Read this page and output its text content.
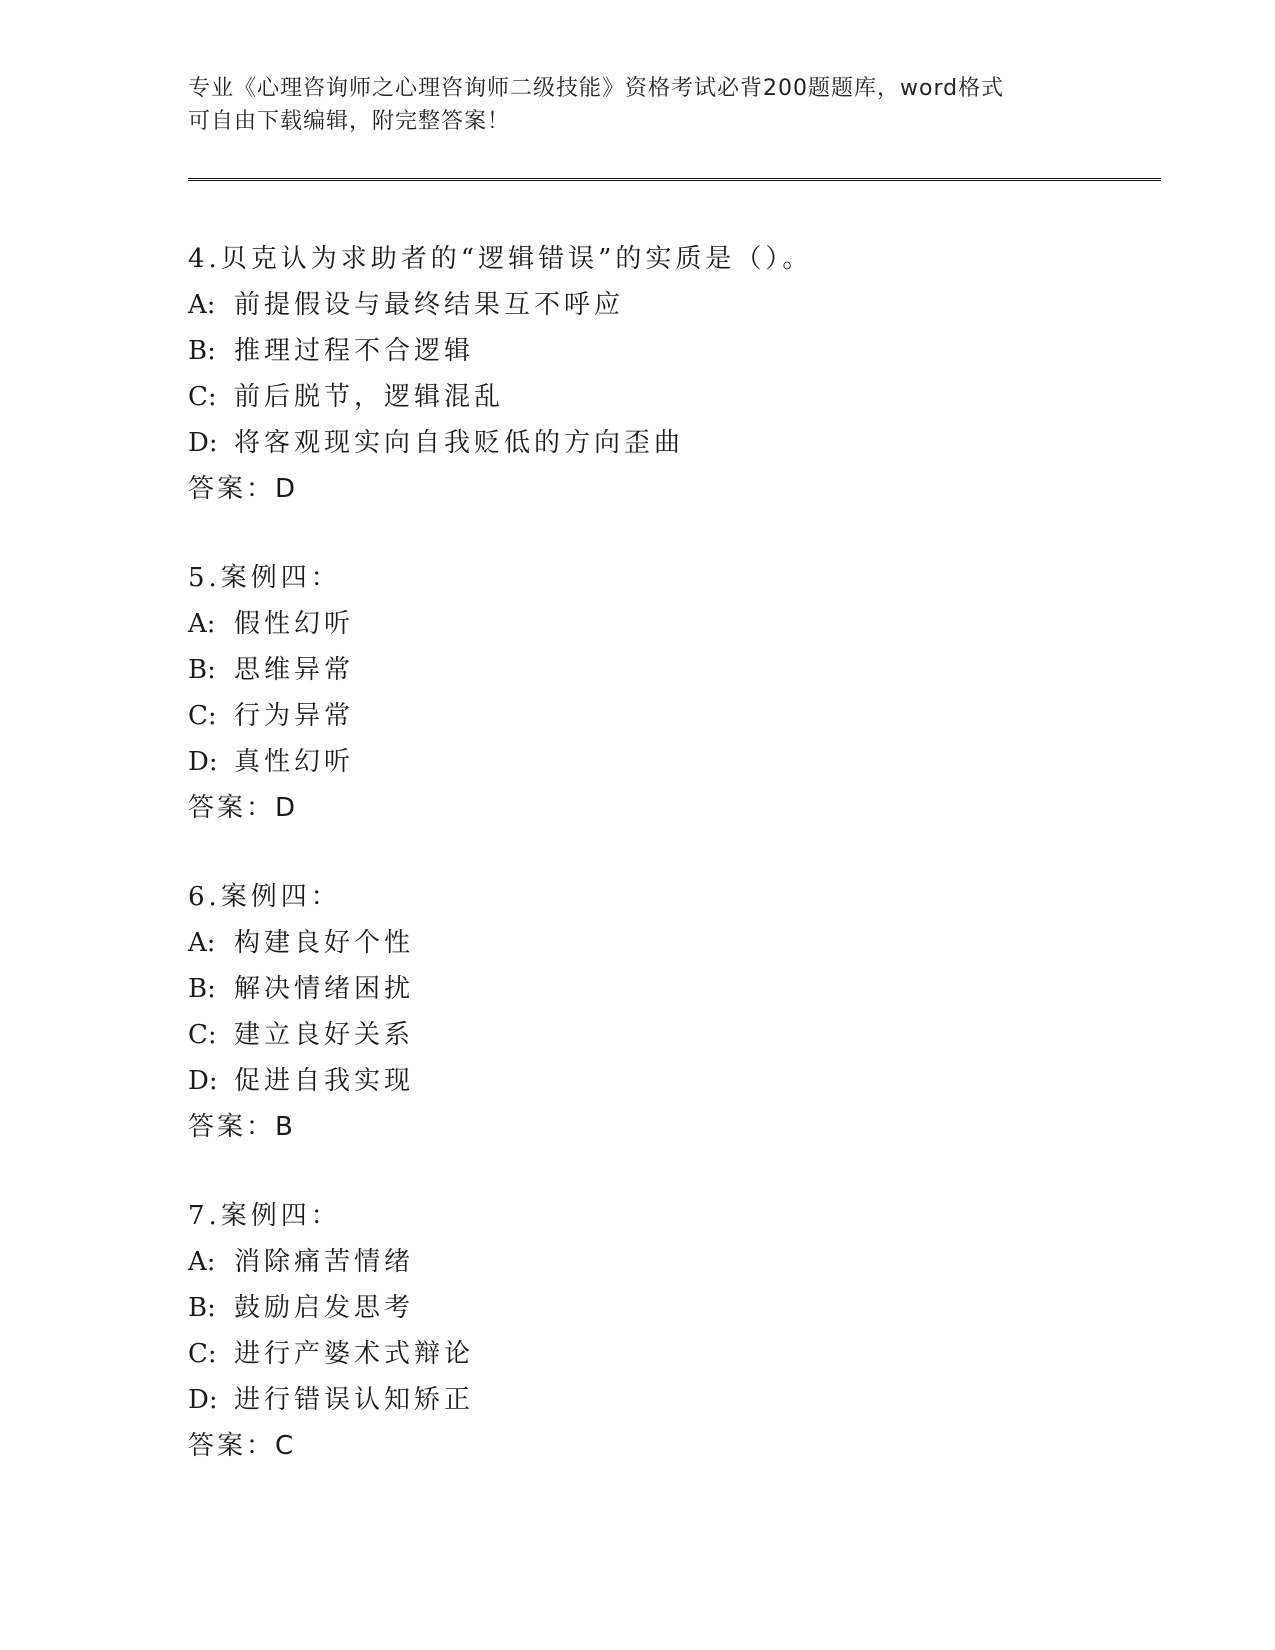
专业《心理咨询师之心理咨询师二级技能》资格考试必背200题题库，word格式
可自由下载编辑，附完整答案！
4.贝克认为求助者的“逻辑错误”的实质是（）。
A: 前提假设与最终结果互不呼应
B: 推理过程不合逻辑
C: 前后脱节，逻辑混乱
D: 将客观现实向自我贬低的方向歪曲
答案：D
5.案例四：
A: 假性幻听
B: 思维异常
C: 行为异常
D: 真性幻听
答案：D
6.案例四：
A: 构建良好个性
B: 解决情绪困扰
C: 建立良好关系
D: 促进自我实现
答案：B
7.案例四：
A: 消除痛苦情绪
B: 鼓励启发思考
C: 进行产婆术式辩论
D: 进行错误认知矫正
答案：C
